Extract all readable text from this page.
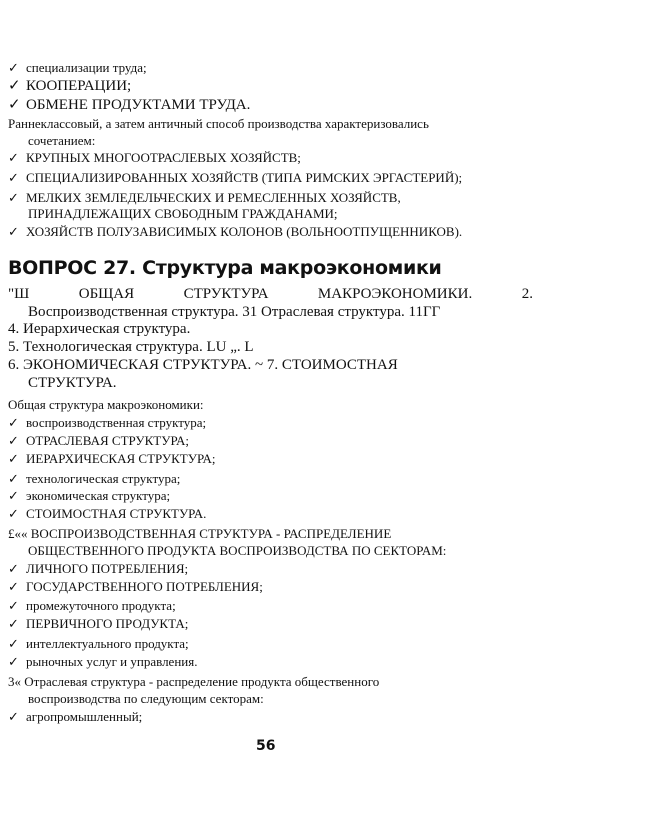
✓ специализации труда;
✓ КООПЕРАЦИИ;
✓ ОБМЕНЕ ПРОДУКТАМИ ТРУДА.
Раннеклассовый, а затем античный способ производства характеризовались
сочетанием:
✓ КРУПНЫХ МНОГООТРАСЛЕВЫХ ХОЗЯЙСТВ;
✓ СПЕЦИАЛИЗИРОВАННЫХ ХОЗЯЙСТВ (ТИПА РИМСКИХ ЭРГАСТЕРИЙ);
✓ МЕЛКИХ ЗЕМЛЕДЕЛЬЧЕСКИХ И РЕМЕСЛЕННЫХ ХОЗЯЙСТВ,
ПРИНАДЛЕЖАЩИХ СВОБОДНЫМ ГРАЖДАНАМИ;
✓ ХОЗЯЙСТВ ПОЛУЗАВИСИМЫХ КОЛОНОВ (ВОЛЬНООТПУЩЕННИКОВ).
ВОПРОС 27. Структура макроэкономики
"Ш	ОБЩАЯ	СТРУКТУРА	МАКРОЭКОНОМИКИ.	2.
Воспроизводственная структура. 31 Отраслевая структура. 11ГГ
4. Иерархическая структура.
5. Технологическая структура. LU „. L
6. ЭКОНОМИЧЕСКАЯ СТРУКТУРА. ~ 7. СТОИМОСТНАЯ
СТРУКТУРА.
Общая структура макроэкономики:
✓ воспроизводственная структура;
✓ ОТРАСЛЕВАЯ СТРУКТУРА;
✓ ИЕРАРХИЧЕСКАЯ СТРУКТУРА;
✓ технологическая структура;
✓ экономическая структура;
✓ СТОИМОСТНАЯ СТРУКТУРА.
£«« ВОСПРОИЗВОДСТВЕННАЯ СТРУКТУРА - РАСПРЕДЕЛЕНИЕ
ОБЩЕСТВЕННОГО ПРОДУКТА ВОСПРОИЗВОДСТВА ПО СЕКТОРАМ:
✓ ЛИЧНОГО ПОТРЕБЛЕНИЯ;
✓ ГОСУДАРСТВЕННОГО ПОТРЕБЛЕНИЯ;
✓ промежуточного продукта;
✓ ПЕРВИЧНОГО ПРОДУКТА;
✓ интеллектуального продукта;
✓ рыночных услуг и управления.
3« Отраслевая структура - распределение продукта общественного
воспроизводства по следующим секторам:
✓ агропромышленный;
56
